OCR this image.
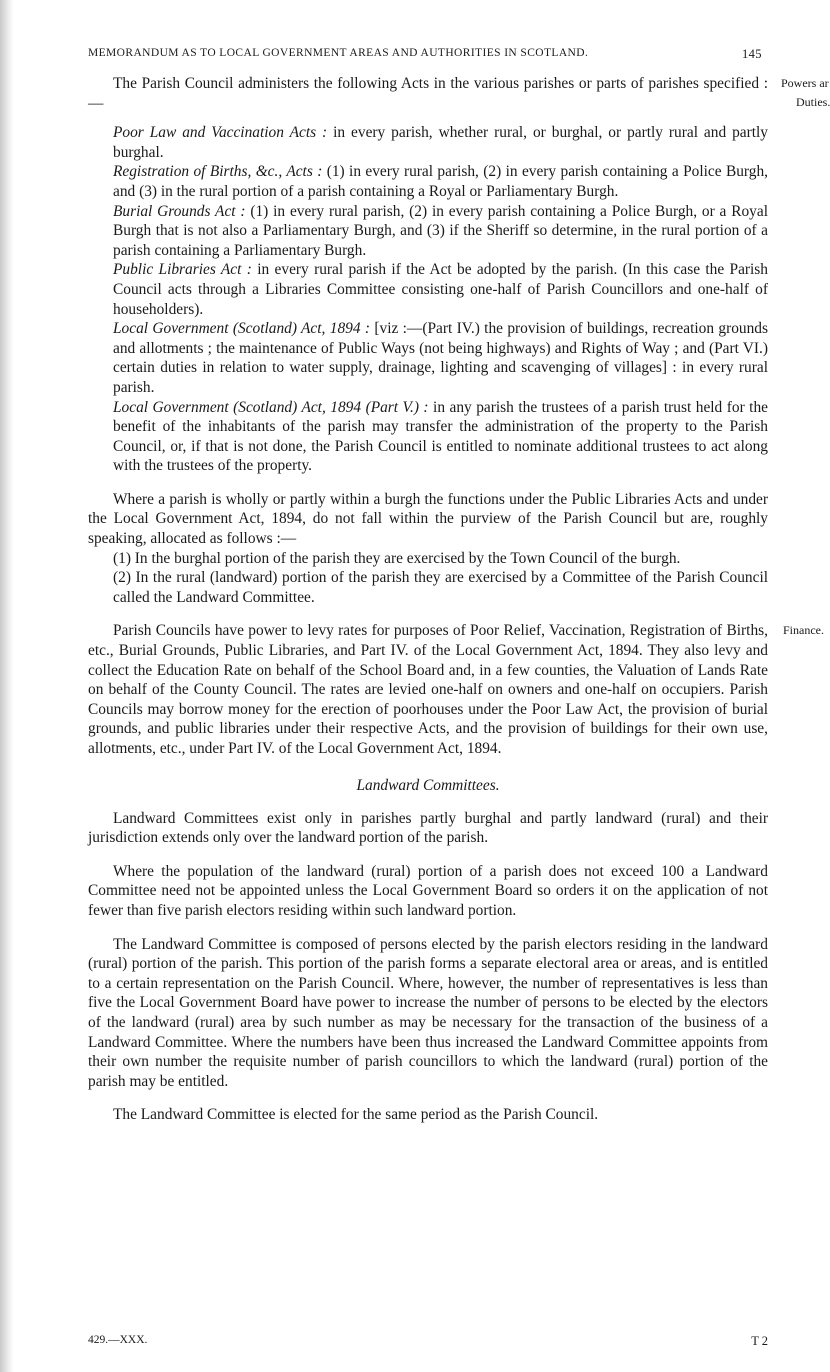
MEMORANDUM AS TO LOCAL GOVERNMENT AREAS AND AUTHORITIES IN SCOTLAND.	145

The Parish Council administers the following Acts in the various parishes or parts of parishes specified :—

Powers ar
Duties.

Poor Law and Vaccination Acts : in every parish, whether rural, or burghal, or partly rural and partly burghal.

Registration of Births, &c., Acts : (1) in every rural parish, (2) in every parish containing a Police Burgh, and (3) in the rural portion of a parish containing a Royal or Parliamentary Burgh.

Burial Grounds Act : (1) in every rural parish, (2) in every parish containing a Police Burgh, or a Royal Burgh that is not also a Parliamentary Burgh, and (3) if the Sheriff so determine, in the rural portion of a parish containing a Parliamentary Burgh.

Public Libraries Act : in every rural parish if the Act be adopted by the parish. (In this case the Parish Council acts through a Libraries Committee consisting one-half of Parish Councillors and one-half of householders).

Local Government (Scotland) Act, 1894 : [viz :—(Part IV.) the provision of buildings, recreation grounds and allotments ; the maintenance of Public Ways (not being highways) and Rights of Way ; and (Part VI.) certain duties in relation to water supply, drainage, lighting and scavenging of villages] : in every rural parish.

Local Government (Scotland) Act, 1894 (Part V.) : in any parish the trustees of a parish trust held for the benefit of the inhabitants of the parish may transfer the administration of the property to the Parish Council, or, if that is not done, the Parish Council is entitled to nominate additional trustees to act along with the trustees of the property.

Where a parish is wholly or partly within a burgh the functions under the Public Libraries Acts and under the Local Government Act, 1894, do not fall within the purview of the Parish Council but are, roughly speaking, allocated as follows :—

(1) In the burghal portion of the parish they are exercised by the Town Council of the burgh.

(2) In the rural (landward) portion of the parish they are exercised by a Committee of the Parish Council called the Landward Committee.

Parish Councils have power to levy rates for purposes of Poor Relief, Vaccination, Registration of Births, etc., Burial Grounds, Public Libraries, and Part IV. of the Local Government Act, 1894. They also levy and collect the Education Rate on behalf of the School Board and, in a few counties, the Valuation of Lands Rate on behalf of the County Council. The rates are levied one-half on owners and one-half on occupiers. Parish Councils may borrow money for the erection of poorhouses under the Poor Law Act, the provision of burial grounds, and public libraries under their respective Acts, and the provision of buildings for their own use, allotments, etc., under Part IV. of the Local Government Act, 1894.

Finance.
Landward Committees.

Landward Committees exist only in parishes partly burghal and partly landward (rural) and their jurisdiction extends only over the landward portion of the parish.

Where the population of the landward (rural) portion of a parish does not exceed 100 a Landward Committee need not be appointed unless the Local Government Board so orders it on the application of not fewer than five parish electors residing within such landward portion.

The Landward Committee is composed of persons elected by the parish electors residing in the landward (rural) portion of the parish. This portion of the parish forms a separate electoral area or areas, and is entitled to a certain representation on the Parish Council. Where, however, the number of representatives is less than five the Local Government Board have power to increase the number of persons to be elected by the electors of the landward (rural) area by such number as may be necessary for the transaction of the business of a Landward Committee. Where the numbers have been thus increased the Landward Committee appoints from their own number the requisite number of parish councillors to which the landward (rural) portion of the parish may be entitled.

The Landward Committee is elected for the same period as the Parish Council.

429.—XXX.	T 2
